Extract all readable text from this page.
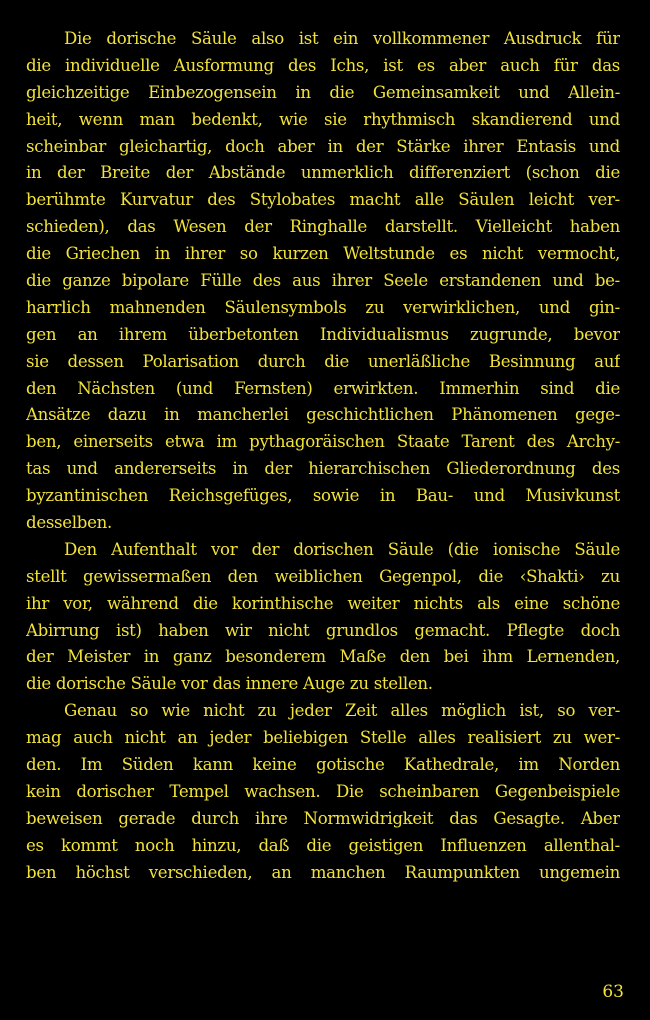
Die dorische Säule also ist ein vollkommener Ausdruck für
die individuelle Ausformung des Ichs, ist es aber auch für das
gleichzeitige Einbezogensein in die Gemeinsamkeit und Allein-
heit, wenn man bedenkt, wie sie rhythmisch skandierend und
scheinbar gleichartig, doch aber in der Stärke ihrer Entasis und
in der Breite der Abstände unmerklich differenziert (schon die
berühmte Kurvatur des Stylobates macht alle Säulen leicht ver-
schieden), das Wesen der Ringhalle darstellt. Vielleicht haben
die Griechen in ihrer so kurzen Weltstunde es nicht vermocht,
die ganze bipolare Fülle des aus ihrer Seele erstandenen und be-
harrlich mahnenden Säulensymbols zu verwirklichen, und gin-
gen an ihrem überbetonten Individualismus zugrunde, bevor
sie dessen Polarisation durch die unerläßliche Besinnung auf
den Nächsten (und Fernsten) erwirkten. Immerhin sind die
Ansätze dazu in mancherlei geschichtlichen Phänomenen gege-
ben, einerseits etwa im pythagoräischen Staate Tarent des Archy-
tas und andererseits in der hierarchischen Gliederordnung des
byzantinischen Reichsgefüges, sowie in Bau- und Musivkunst
desselben.
Den Aufenthalt vor der dorischen Säule (die ionische Säule
stellt gewissermaßen den weiblichen Gegenpol, die ‹Shakti› zu
ihr vor, während die korinthische weiter nichts als eine schöne
Abirrung ist) haben wir nicht grundlos gemacht. Pflegte doch
der Meister in ganz besonderem Maße den bei ihm Lernenden,
die dorische Säule vor das innere Auge zu stellen.
Genau so wie nicht zu jeder Zeit alles möglich ist, so ver-
mag auch nicht an jeder beliebigen Stelle alles realisiert zu wer-
den. Im Süden kann keine gotische Kathedrale, im Norden
kein dorischer Tempel wachsen. Die scheinbaren Gegenbeispiele
beweisen gerade durch ihre Normwidrigkeit das Gesagte. Aber
es kommt noch hinzu, daß die geistigen Influenzen allenthal-
ben höchst verschieden, an manchen Raumpunkten ungemein
63
